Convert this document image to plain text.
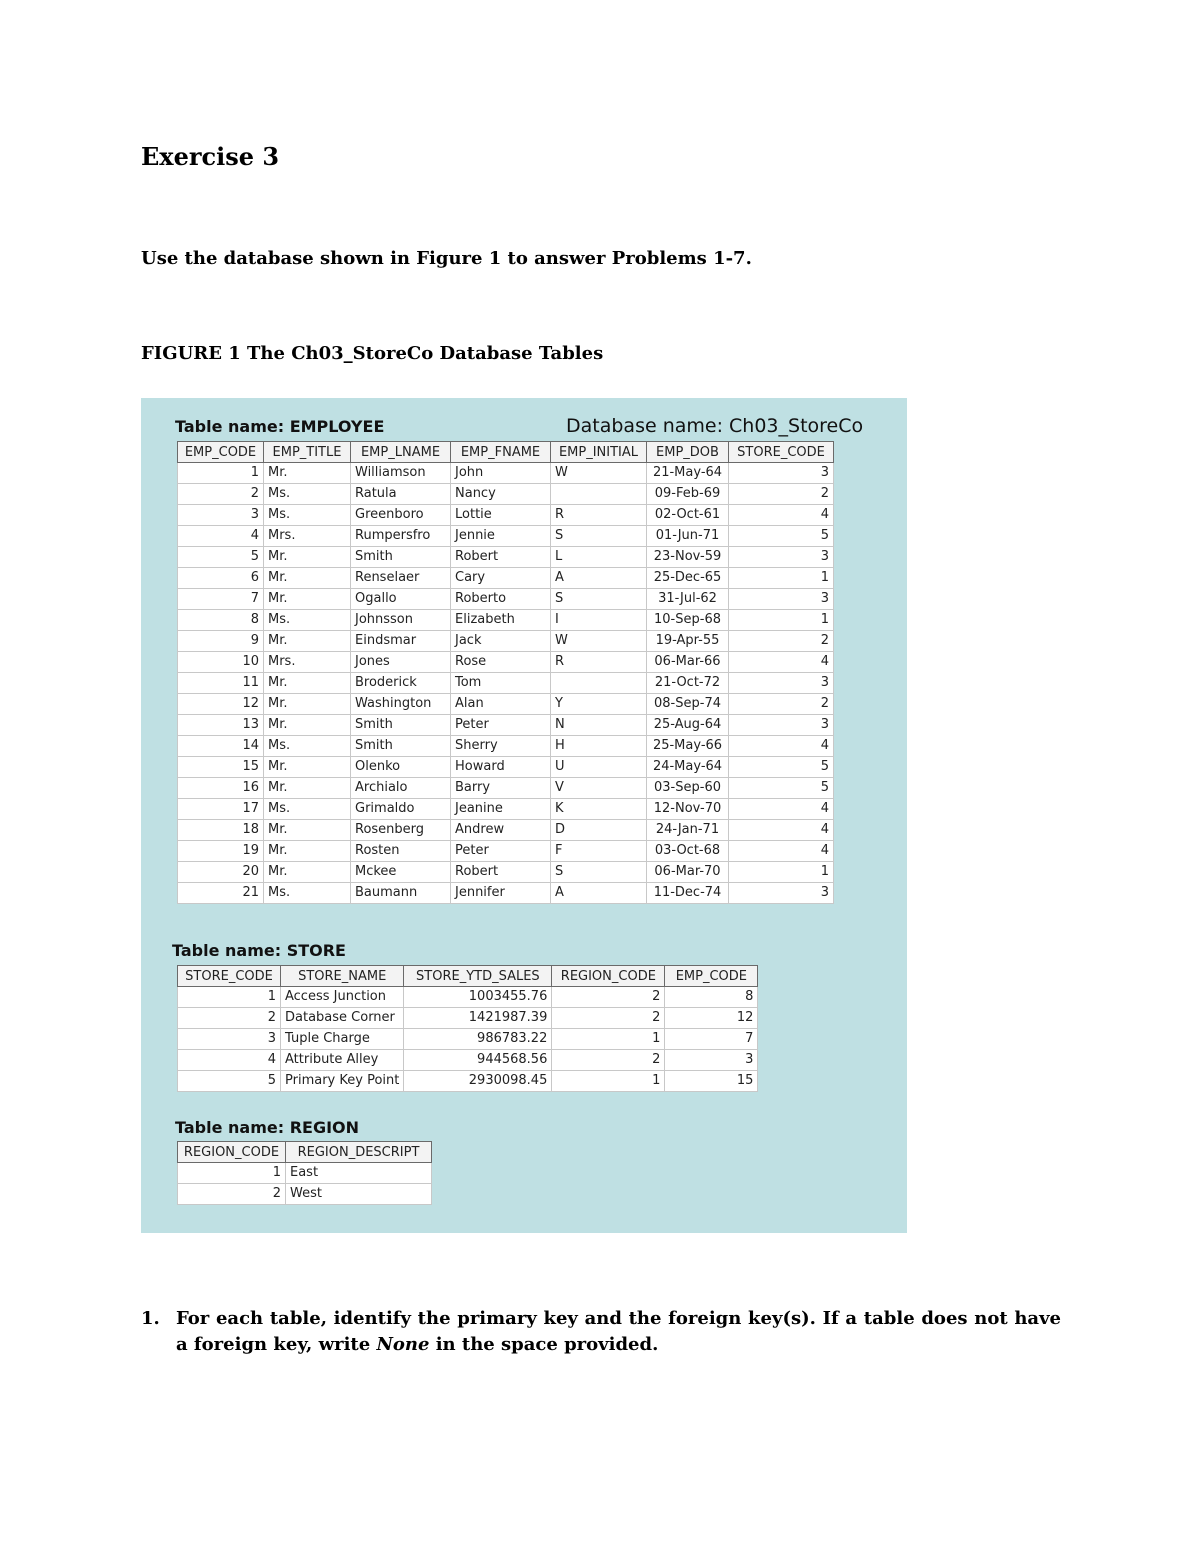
Exercise 3

Use the database shown in Figure 1 to answer Problems 1-7.

FIGURE 1 The Ch03_StoreCo Database Tables

Table name: EMPLOYEE	Database name: Ch03_StoreCo

EMP_CODE	EMP_TITLE	EMP_LNAME	EMP_FNAME	EMP_INITIAL	EMP_DOB	STORE_CODE
1	Mr.	Williamson	John	W	21-May-64	3
2	Ms.	Ratula	Nancy		09-Feb-69	2
3	Ms.	Greenboro	Lottie	R	02-Oct-61	4
4	Mrs.	Rumpersfro	Jennie	S	01-Jun-71	5
5	Mr.	Smith	Robert	L	23-Nov-59	3
6	Mr.	Renselaer	Cary	A	25-Dec-65	1
7	Mr.	Ogallo	Roberto	S	31-Jul-62	3
8	Ms.	Johnsson	Elizabeth	I	10-Sep-68	1
9	Mr.	Eindsmar	Jack	W	19-Apr-55	2
10	Mrs.	Jones	Rose	R	06-Mar-66	4
11	Mr.	Broderick	Tom		21-Oct-72	3
12	Mr.	Washington	Alan	Y	08-Sep-74	2
13	Mr.	Smith	Peter	N	25-Aug-64	3
14	Ms.	Smith	Sherry	H	25-May-66	4
15	Mr.	Olenko	Howard	U	24-May-64	5
16	Mr.	Archialo	Barry	V	03-Sep-60	5
17	Ms.	Grimaldo	Jeanine	K	12-Nov-70	4
18	Mr.	Rosenberg	Andrew	D	24-Jan-71	4
19	Mr.	Rosten	Peter	F	03-Oct-68	4
20	Mr.	Mckee	Robert	S	06-Mar-70	1
21	Ms.	Baumann	Jennifer	A	11-Dec-74	3

Table name: STORE

STORE_CODE	STORE_NAME	STORE_YTD_SALES	REGION_CODE	EMP_CODE
1	Access Junction	1003455.76	2	8
2	Database Corner	1421987.39	2	12
3	Tuple Charge	986783.22	1	7
4	Attribute Alley	944568.56	2	3
5	Primary Key Point	2930098.45	1	15

Table name: REGION

REGION_CODE	REGION_DESCRIPT
1	East
2	West
1. For each table, identify the primary key and the foreign key(s). If a table does not have a foreign key, write None in the space provided.
